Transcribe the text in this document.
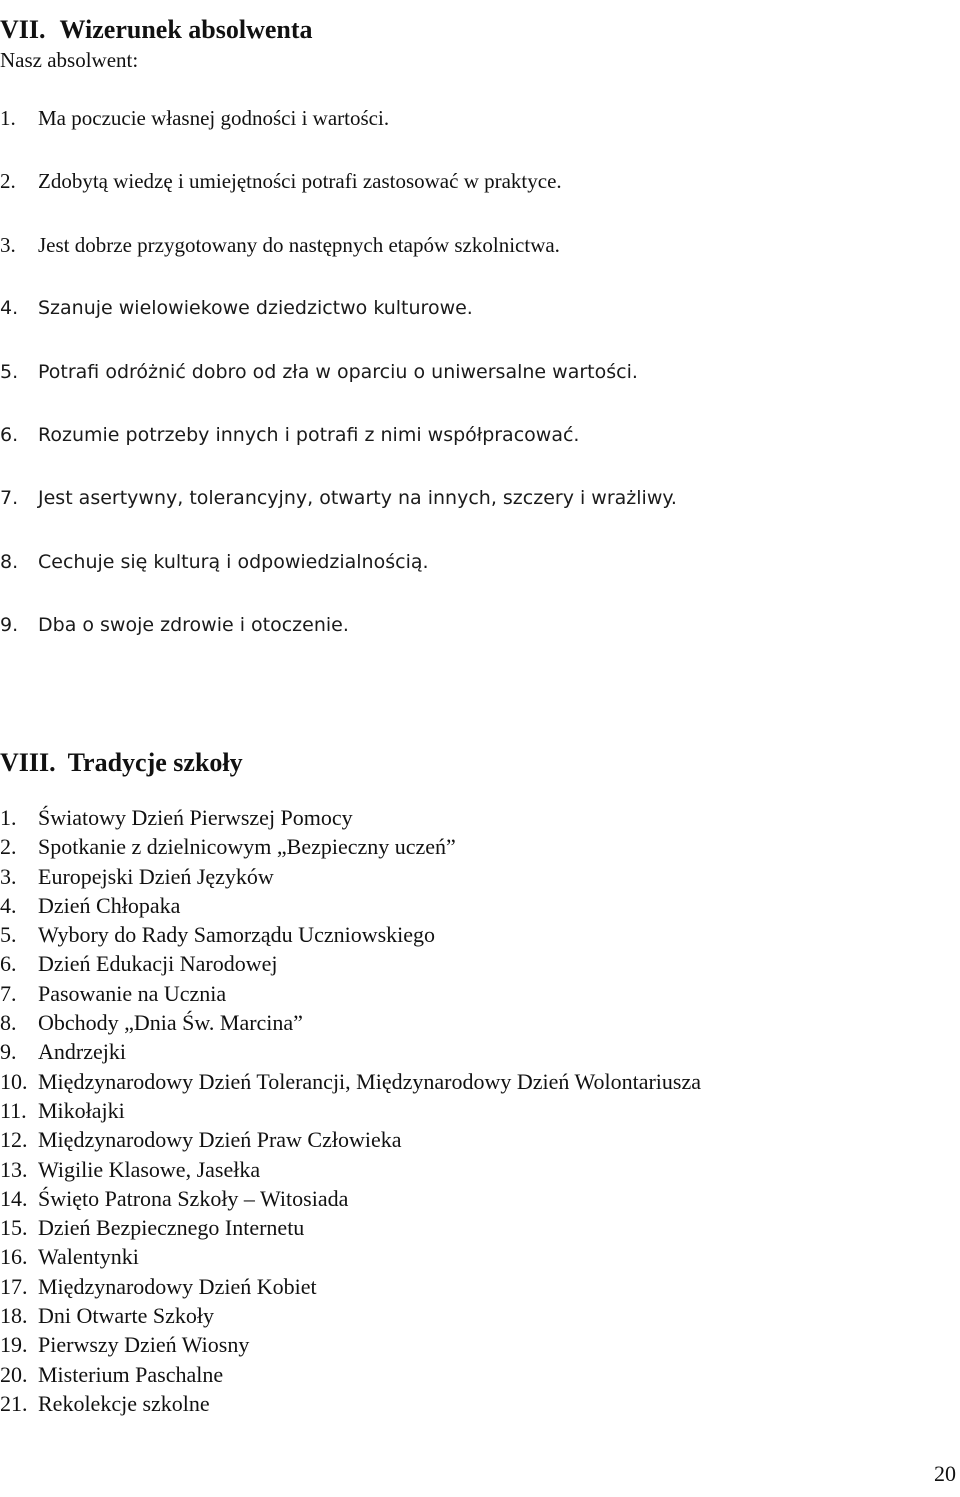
VII. Wizerunek absolwenta
Nasz absolwent:
1. Ma poczucie własnej godności i wartości.
2. Zdobytą wiedzę i umiejętności potrafi zastosować w praktyce.
3. Jest dobrze przygotowany do następnych etapów szkolnictwa.
4. Szanuje wielowiekowe dziedzictwo kulturowe.
5. Potrafi odróżnić dobro od zła w oparciu o uniwersalne wartości.
6. Rozumie potrzeby innych i potrafi z nimi współpracować.
7. Jest asertywny, tolerancyjny, otwarty na innych, szczery i wrażliwy.
8. Cechuje się kulturą i odpowiedzialnością.
9. Dba o swoje zdrowie i otoczenie.
VIII. Tradycje szkoły
1. Światowy Dzień Pierwszej Pomocy
2. Spotkanie z dzielnicowym „Bezpieczny uczeń”
3. Europejski Dzień Języków
4. Dzień Chłopaka
5. Wybory do Rady Samorządu Uczniowskiego
6. Dzień Edukacji Narodowej
7. Pasowanie na Ucznia
8. Obchody „Dnia Św. Marcina”
9. Andrzejki
10. Międzynarodowy Dzień Tolerancji, Międzynarodowy Dzień Wolontariusza
11. Mikołajki
12. Międzynarodowy Dzień Praw Człowieka
13. Wigilie Klasowe, Jasełka
14. Święto Patrona Szkoły – Witosiada
15. Dzień Bezpiecznego Internetu
16. Walentynki
17. Międzynarodowy Dzień Kobiet
18. Dni Otwarte Szkoły
19. Pierwszy Dzień Wiosny
20. Misterium Paschalne
21. Rekolekcje szkolne
20
